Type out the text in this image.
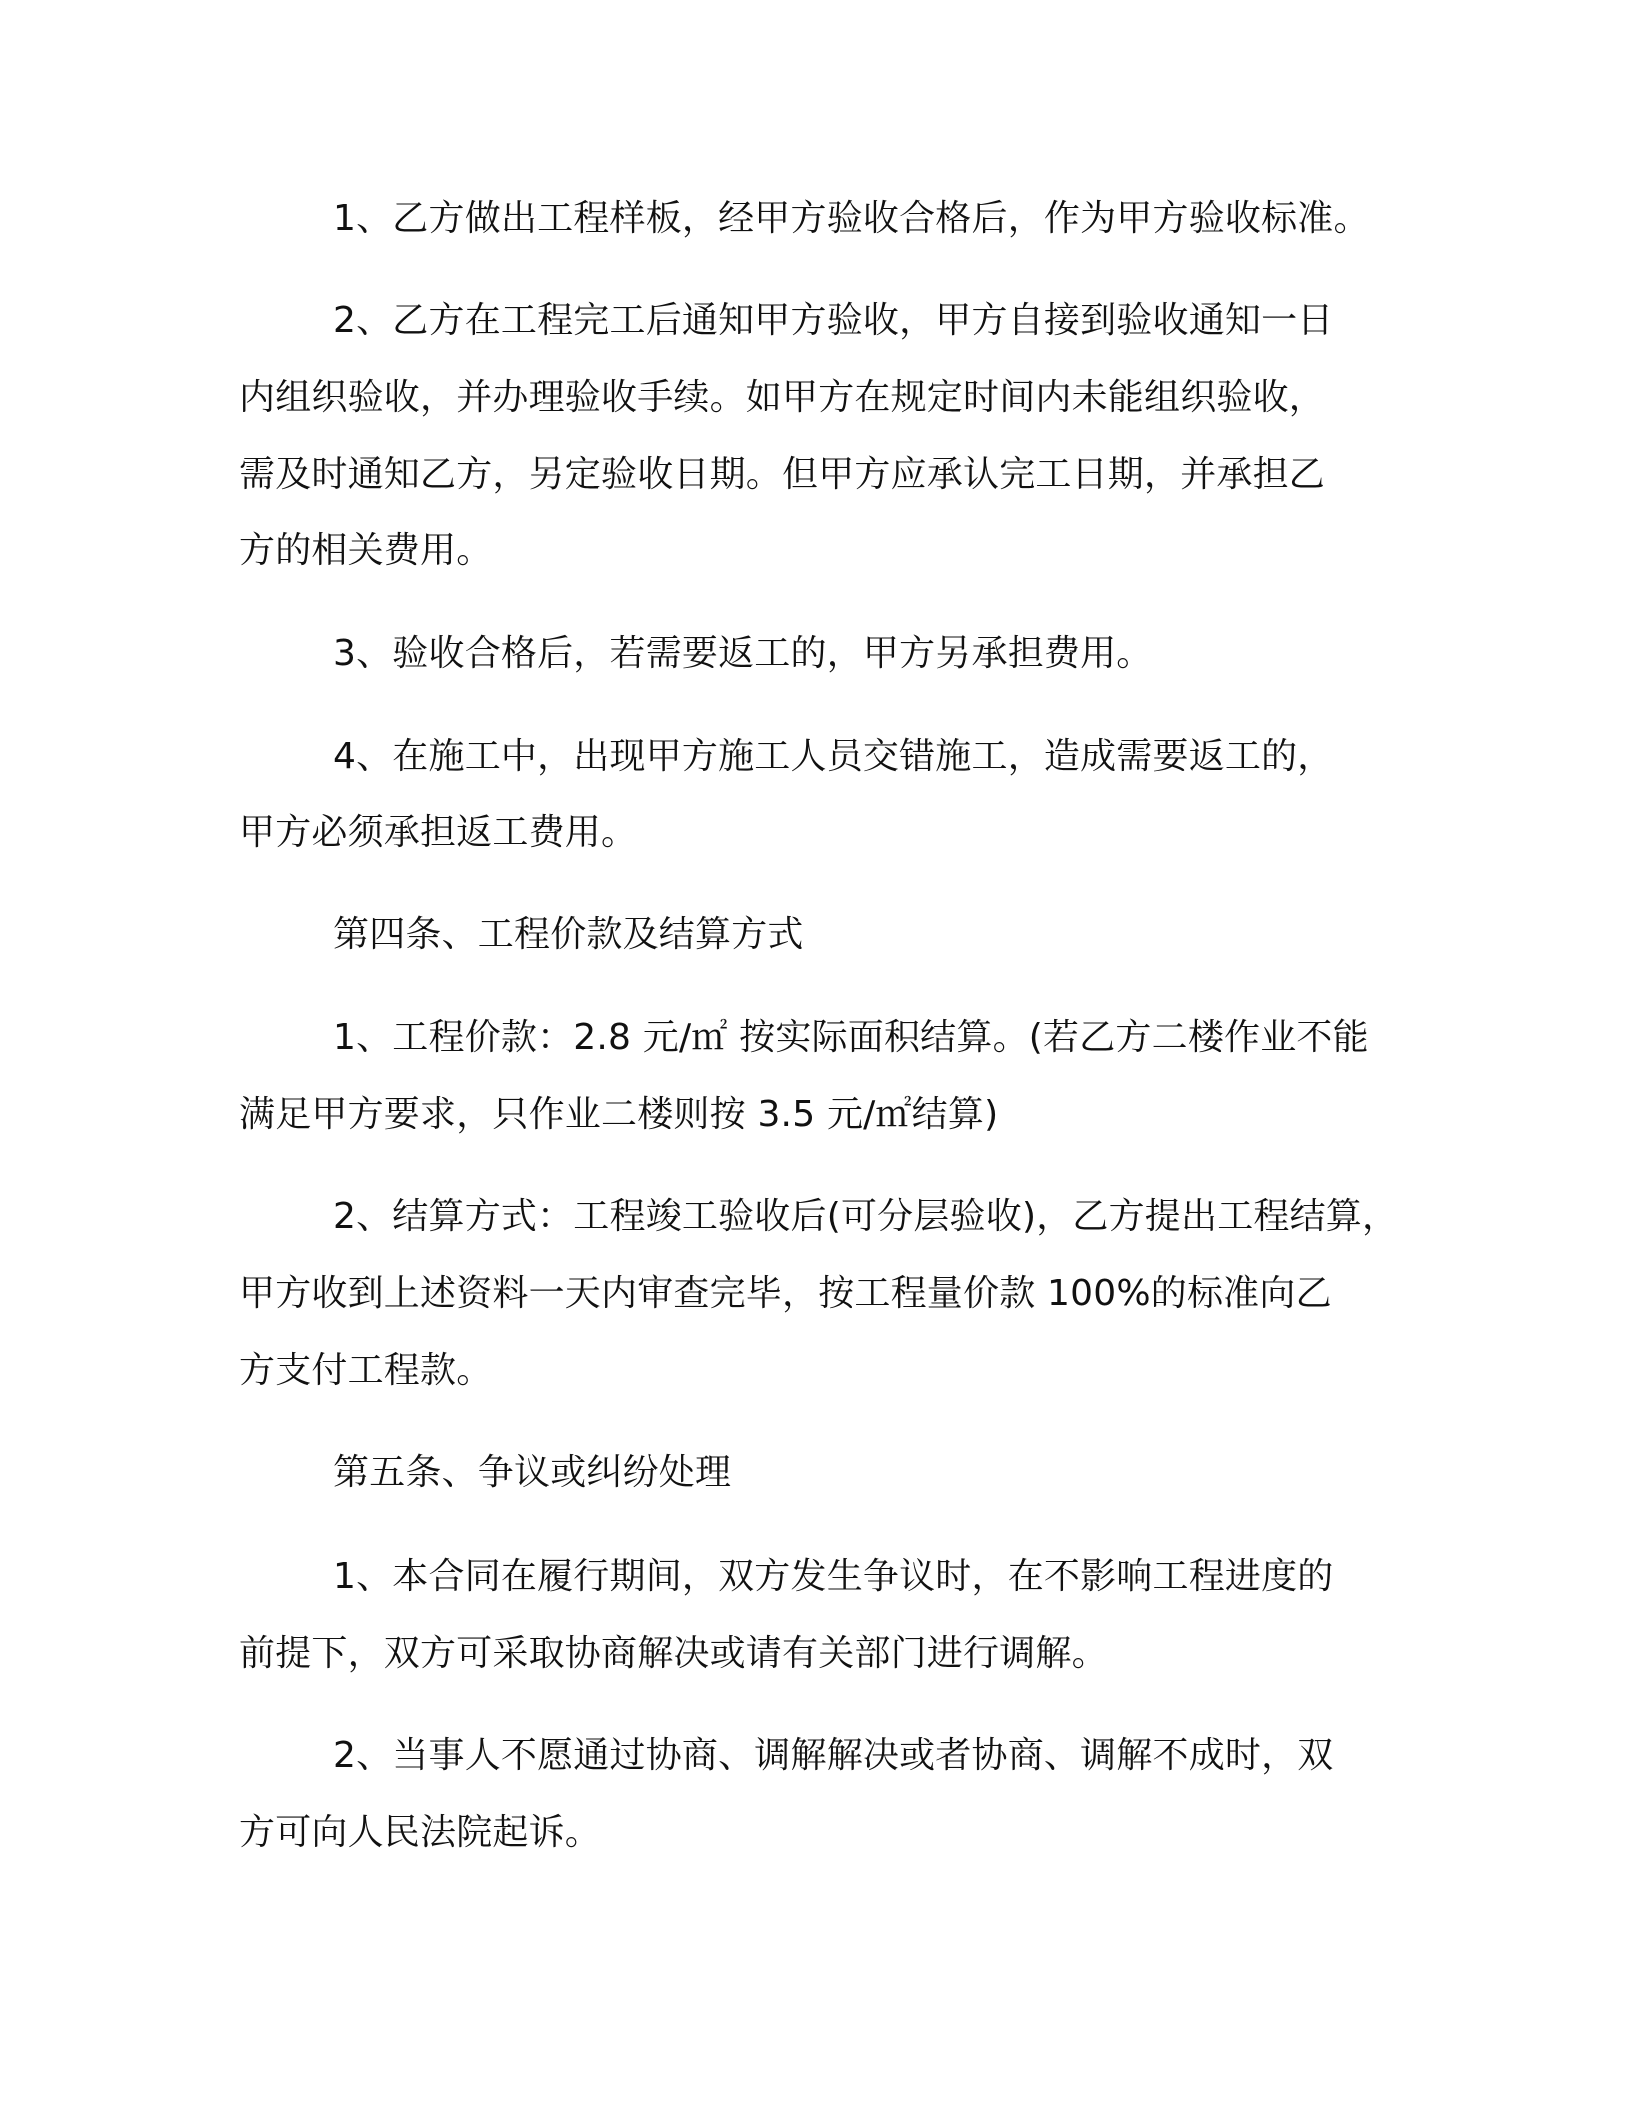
1、乙方做出工程样板，经甲方验收合格后，作为甲方验收标准。

2、乙方在工程完工后通知甲方验收，甲方自接到验收通知一日

内组织验收，并办理验收手续。如甲方在规定时间内未能组织验收，

需及时通知乙方，另定验收日期。但甲方应承认完工日期，并承担乙

方的相关费用。

3、验收合格后，若需要返工的，甲方另承担费用。

4、在施工中，出现甲方施工人员交错施工，造成需要返工的，

甲方必须承担返工费用。

第四条、工程价款及结算方式

1、工程价款：2.8 元/㎡ 按实际面积结算。(若乙方二楼作业不能

满足甲方要求，只作业二楼则按 3.5 元/㎡结算)

2、结算方式：工程竣工验收后(可分层验收)，乙方提出工程结算，

甲方收到上述资料一天内审查完毕，按工程量价款 100%的标准向乙

方支付工程款。

第五条、争议或纠纷处理

1、本合同在履行期间，双方发生争议时，在不影响工程进度的

前提下，双方可采取协商解决或请有关部门进行调解。

2、当事人不愿通过协商、调解解决或者协商、调解不成时，双

方可向人民法院起诉。
